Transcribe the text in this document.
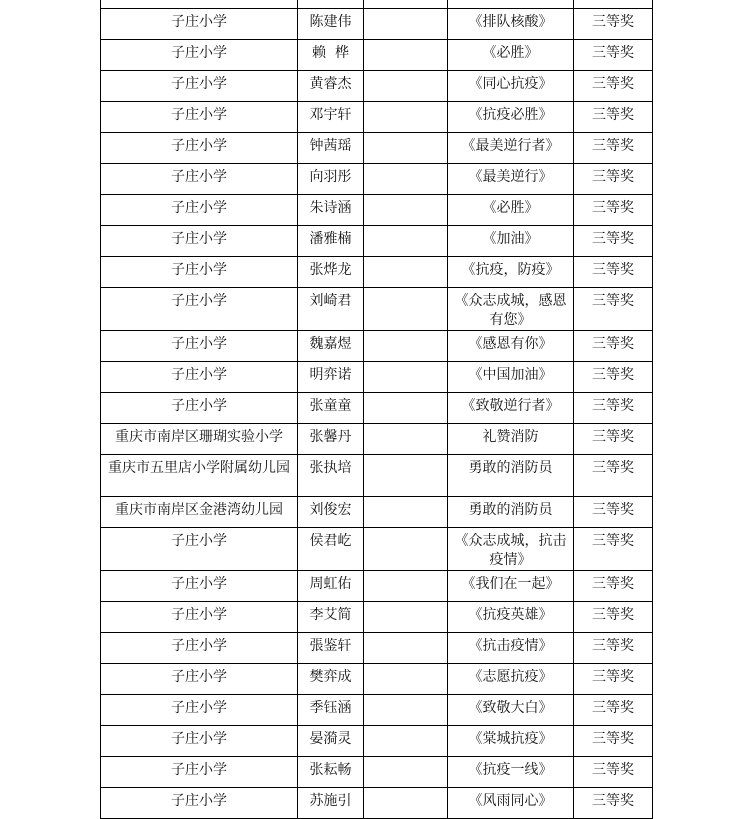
子庄小学	陈建伟		《排队核酸》	三等奖
子庄小学	赖  桦		《必胜》	三等奖
子庄小学	黄睿杰		《同心抗疫》	三等奖
子庄小学	邓宇轩		《抗疫必胜》	三等奖
子庄小学	钟茜瑶		《最美逆行者》	三等奖
子庄小学	向羽彤		《最美逆行》	三等奖
子庄小学	朱诗涵		《必胜》	三等奖
子庄小学	潘雅楠		《加油》	三等奖
子庄小学	张烨龙		《抗疫，防疫》	三等奖
子庄小学	刘崎君		《众志成城，感恩有您》	三等奖
子庄小学	魏嘉煜		《感恩有你》	三等奖
子庄小学	明弈诺		《中国加油》	三等奖
子庄小学	张童童		《致敬逆行者》	三等奖
重庆市南岸区珊瑚实验小学	张馨丹		礼赞消防	三等奖
重庆市五里店小学附属幼儿园	张执培		勇敢的消防员	三等奖
重庆市南岸区金港湾幼儿园	刘俊宏		勇敢的消防员	三等奖
子庄小学	侯君屹		《众志成城，抗击疫情》	三等奖
子庄小学	周虹佑		《我们在一起》	三等奖
子庄小学	李艾简		《抗疫英雄》	三等奖
子庄小学	張鉴轩		《抗击疫情》	三等奖
子庄小学	樊弈成		《志愿抗疫》	三等奖
子庄小学	季钰涵		《致敬大白》	三等奖
子庄小学	晏漪灵		《棠城抗疫》	三等奖
子庄小学	张耘畅		《抗疫一线》	三等奖
子庄小学	苏施引		《风雨同心》	三等奖
